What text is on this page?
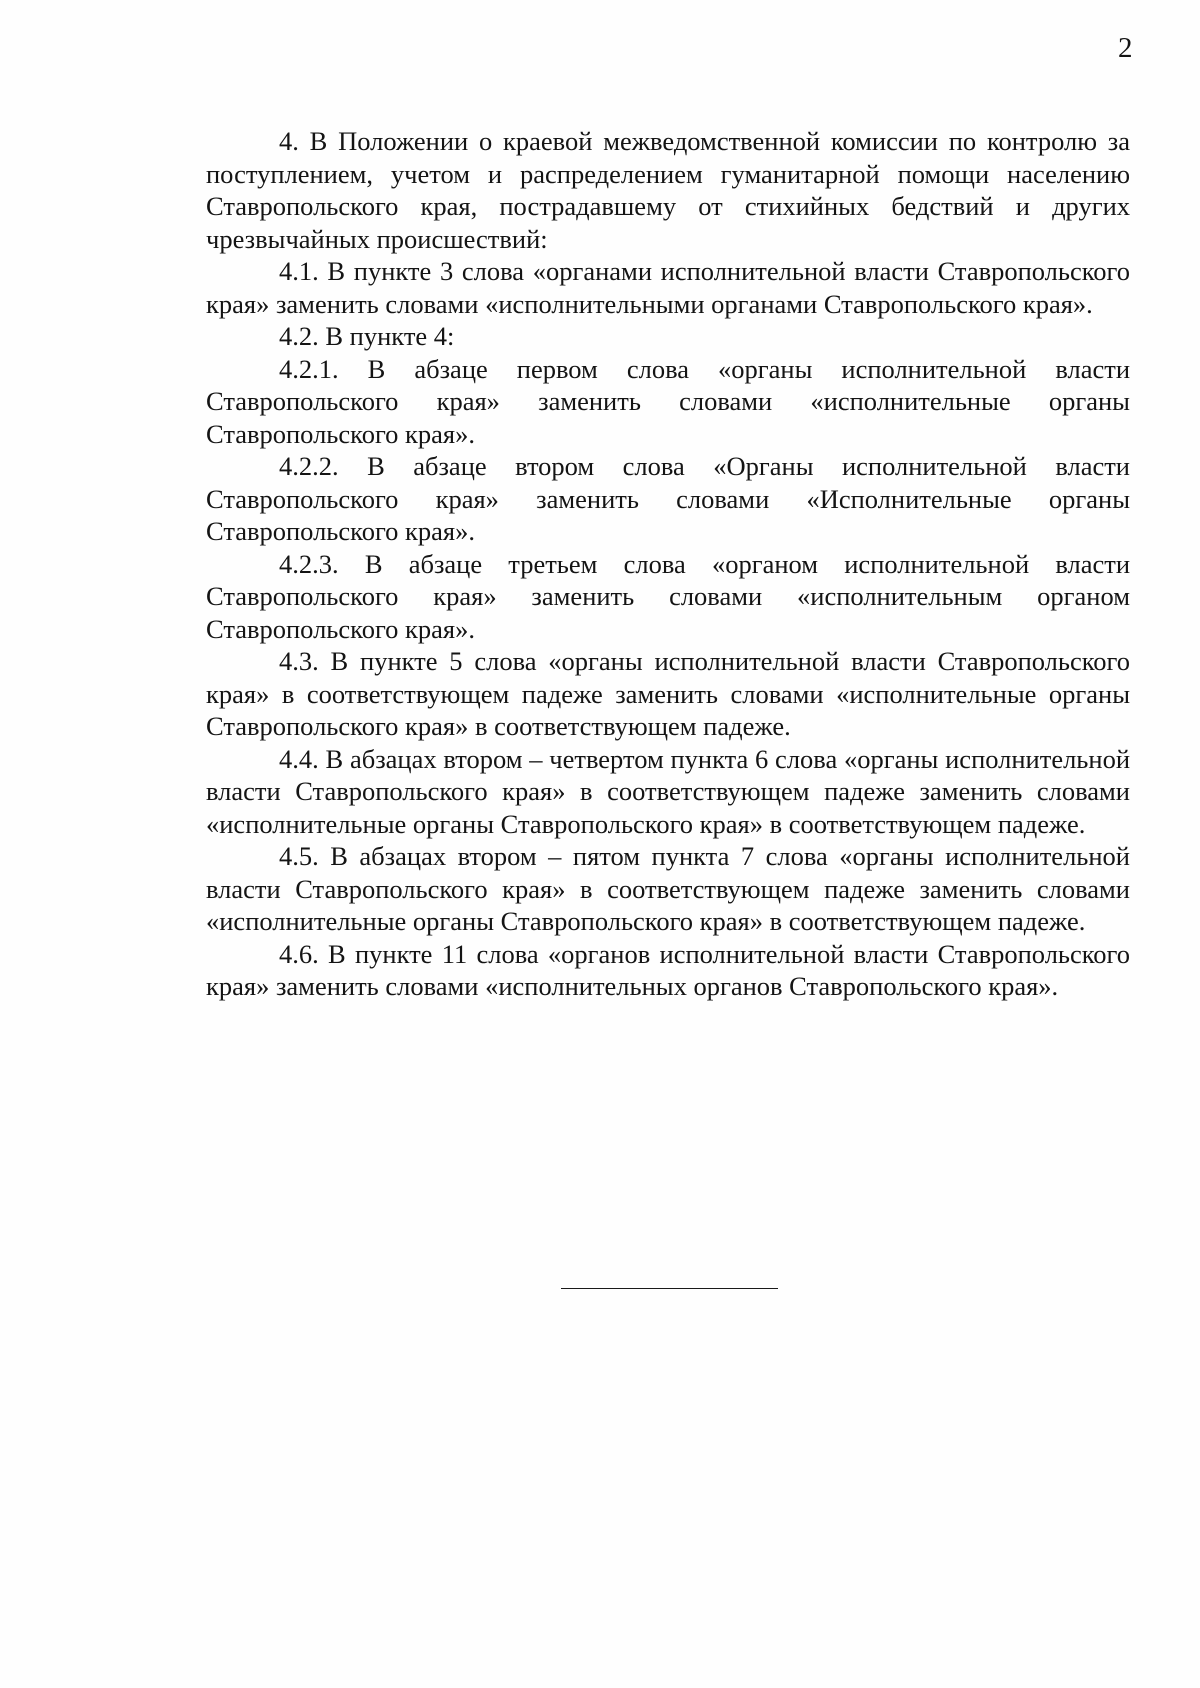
2

4. В Положении о краевой межведомственной комиссии по контролю за поступлением, учетом и распределением гуманитарной помощи населению Ставропольского края, пострадавшему от стихийных бедствий и других чрезвычайных происшествий:

4.1. В пункте 3 слова «органами исполнительной власти Ставропольского края» заменить словами «исполнительными органами Ставропольского края».

4.2. В пункте 4:

4.2.1. В абзаце первом слова «органы исполнительной власти Ставропольского края» заменить словами «исполнительные органы Ставропольского края».

4.2.2. В абзаце втором слова «Органы исполнительной власти Ставропольского края» заменить словами «Исполнительные органы Ставропольского края».

4.2.3. В абзаце третьем слова «органом исполнительной власти Ставропольского края» заменить словами «исполнительным органом Ставропольского края».

4.3. В пункте 5 слова «органы исполнительной власти Ставропольского края» в соответствующем падеже заменить словами «исполнительные органы Ставропольского края» в соответствующем падеже.

4.4. В абзацах втором – четвертом пункта 6 слова «органы исполнительной власти Ставропольского края» в соответствующем падеже заменить словами «исполнительные органы Ставропольского края» в соответствующем падеже.

4.5. В абзацах втором – пятом пункта 7 слова «органы исполнительной власти Ставропольского края» в соответствующем падеже заменить словами «исполнительные органы Ставропольского края» в соответствующем падеже.

4.6. В пункте 11 слова «органов исполнительной власти Ставропольского края» заменить словами «исполнительных органов Ставропольского края».
